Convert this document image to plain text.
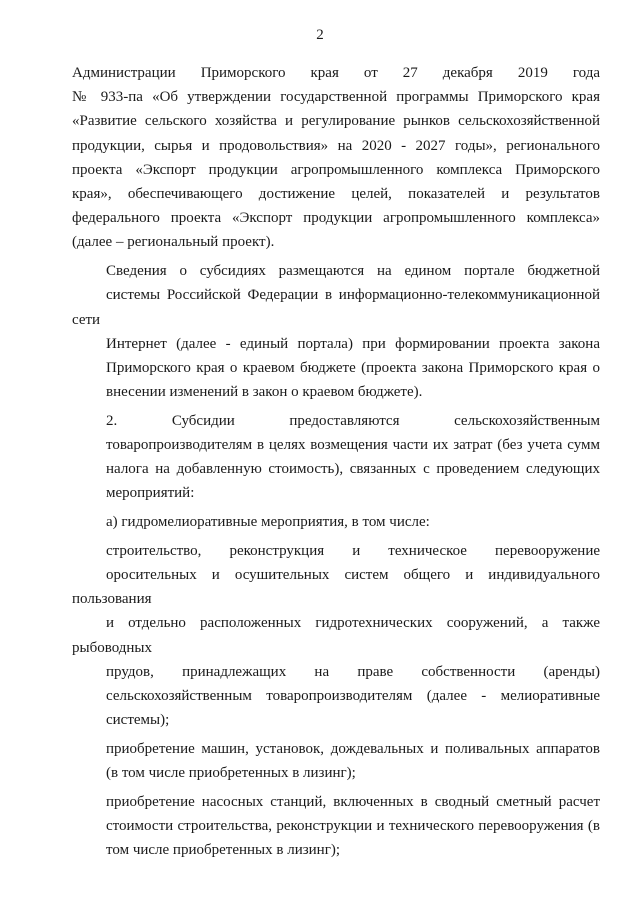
2

Администрации Приморского края от 27 декабря 2019 года
№ 933-па «Об утверждении государственной программы Приморского края
«Развитие сельского хозяйства и регулирование рынков сельскохозяйственной
продукции, сырья и продовольствия» на 2020 - 2027 годы», регионального
проекта «Экспорт продукции агропромышленного комплекса Приморского
края», обеспечивающего достижение целей, показателей и результатов
федерального проекта «Экспорт продукции агропромышленного комплекса»
(далее – региональный проект).

Сведения о субсидиях размещаются на едином портале бюджетной
системы Российской Федерации в информационно-телекоммуникационной сети
Интернет (далее - единый портала) при формировании проекта закона
Приморского края о краевом бюджете (проекта закона Приморского края о
внесении изменений в закон о краевом бюджете).

2. Субсидии предоставляются сельскохозяйственным
товаропроизводителям в целях возмещения части их затрат (без учета сумм
налога на добавленную стоимость), связанных с проведением следующих
мероприятий:

а) гидромелиоративные мероприятия, в том числе:

строительство, реконструкция и техническое перевооружение
оросительных и осушительных систем общего и индивидуального пользования
и отдельно расположенных гидротехнических сооружений, а также рыбоводных
прудов, принадлежащих на праве собственности (аренды)
сельскохозяйственным товаропроизводителям (далее - мелиоративные
системы);

приобретение машин, установок, дождевальных и поливальных аппаратов
(в том числе приобретенных в лизинг);

приобретение насосных станций, включенных в сводный сметный расчет
стоимости строительства, реконструкции и технического перевооружения (в
том числе приобретенных в лизинг);
